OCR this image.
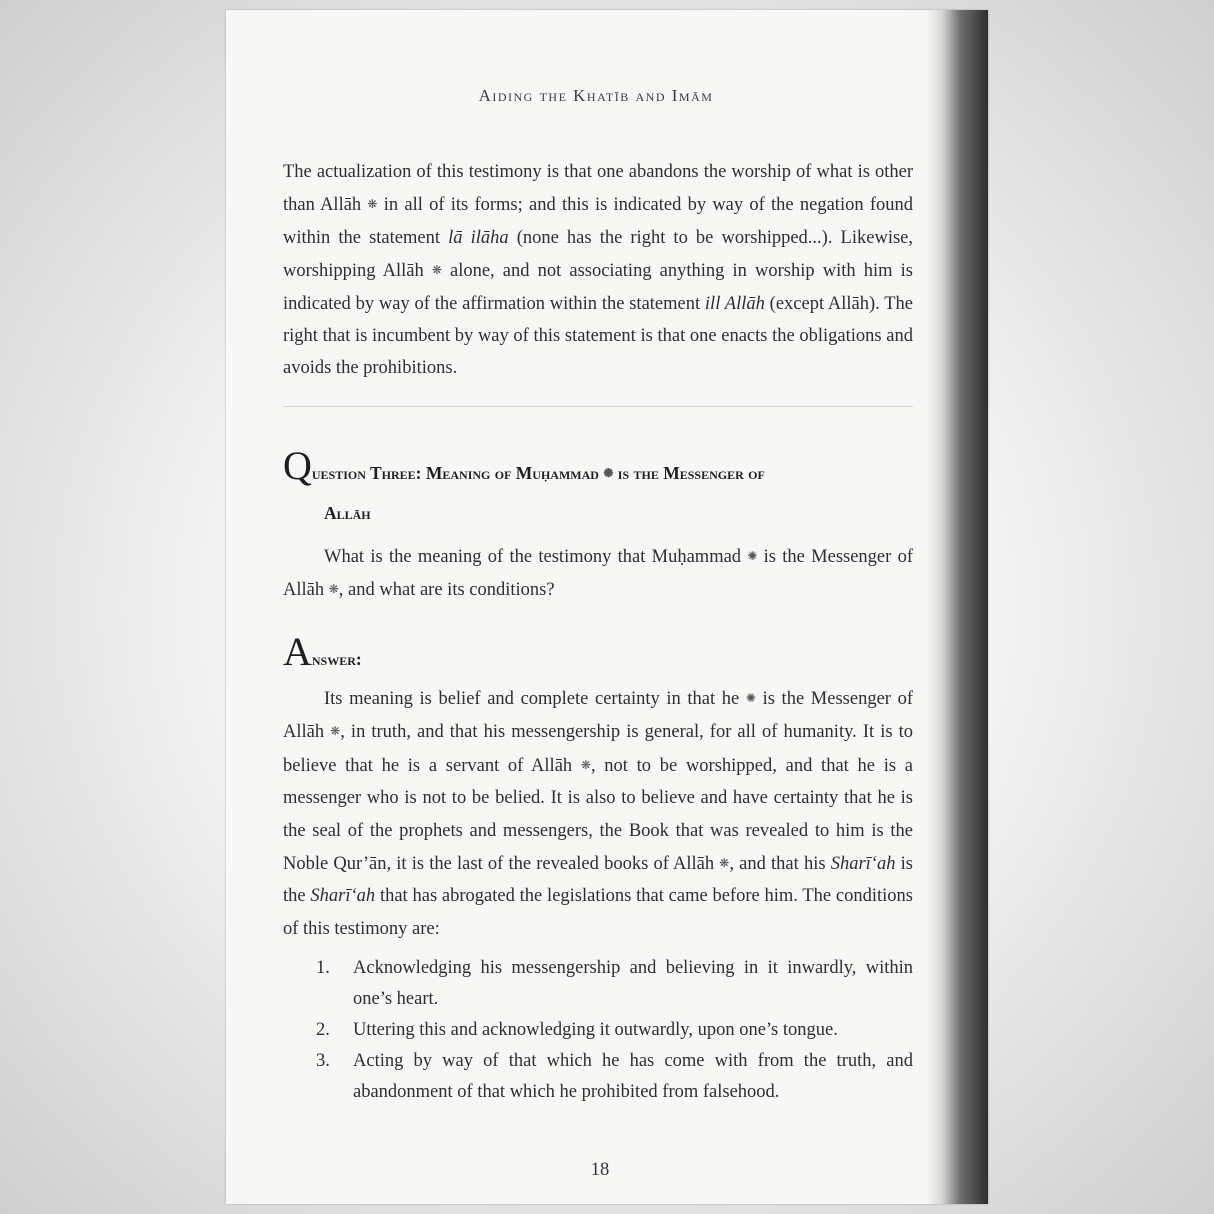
Aiding the Khatīb and Imām

The actualization of this testimony is that one abandons the worship of what is other than Allāh ❋ in all of its forms; and this is indicated by way of the negation found within the statement lā ilāha (none has the right to be worshipped...). Likewise, worshipping Allāh ❋ alone, and not associating anything in worship with him is indicated by way of the affirmation within the statement ill Allāh (except Allāh). The right that is incumbent by way of this statement is that one enacts the obligations and avoids the prohibitions.

Question Three: Meaning of Muḥammad ✺ is the Messenger of
Allāh

What is the meaning of the testimony that Muḥammad ✺ is the Messenger of Allāh ❋, and what are its conditions?

Answer:

Its meaning is belief and complete certainty in that he ✺ is the Messenger of Allāh ❋, in truth, and that his messengership is general, for all of humanity. It is to believe that he is a servant of Allāh ❋, not to be worshipped, and that he is a messenger who is not to be belied. It is also to believe and have certainty that he is the seal of the prophets and messengers, the Book that was revealed to him is the Noble Qur’ān, it is the last of the revealed books of Allāh ❋, and that his Sharī‘ah is the Sharī‘ah that has abrogated the legislations that came before him. The conditions of this testimony are:

1. Acknowledging his messengership and believing in it inwardly, within one’s heart.
2. Uttering this and acknowledging it outwardly, upon one’s tongue.
3. Acting by way of that which he has come with from the truth, and abandonment of that which he prohibited from falsehood.
18
